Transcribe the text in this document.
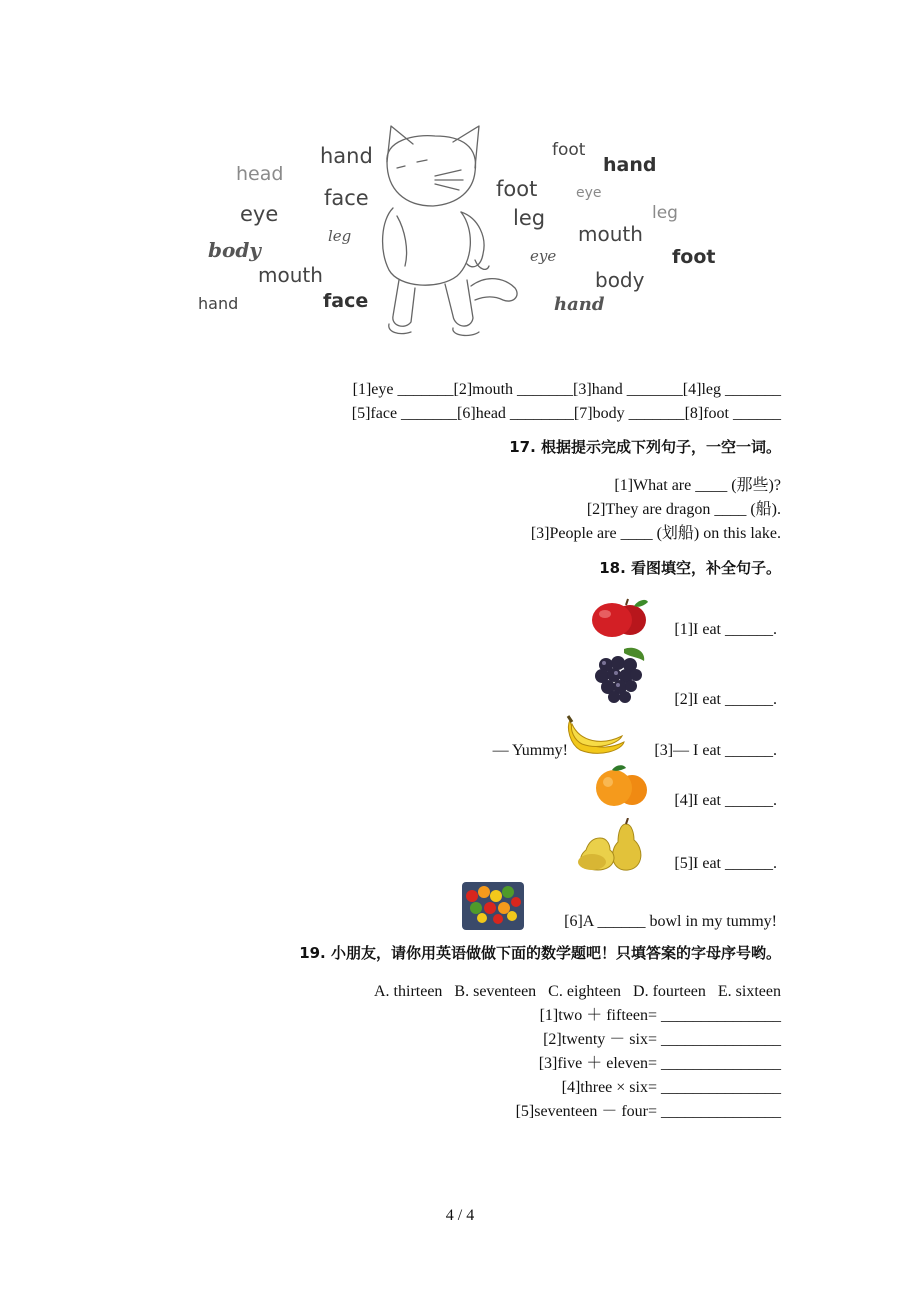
head
hand
face
eye
body
leg
mouth
hand	face
foot
hand
foot	eye
leg	leg
mouth
eye	foot
body
hand
[1]eye _______[2]mouth _______[3]hand _______[4]leg _______
[5]face _______[6]head ________[7]body _______[8]foot ______
17. 根据提示完成下列句子，一空一词。
[1]What are ____ (那些)?
[2]They are dragon ____ (船).
[3]People are ____ (划船) on this lake.
18. 看图填空，补全句子。
[1]I eat ______.
[2]I eat ______.
— Yummy!	[3]— I eat ______.
[4]I eat ______.
[5]I eat ______.
[6]A ______ bowl in my tummy!
19. 小朋友，请你用英语做做下面的数学题吧！只填答案的字母序号哟。
A. thirteen   B. seventeen   C. eighteen   D. fourteen   E. sixteen
[1]two ＋ fifteen= _______________
[2]twenty － six= _______________
[3]five ＋ eleven= _______________
[4]three × six= _______________
[5]seventeen － four= _______________
4 / 4
